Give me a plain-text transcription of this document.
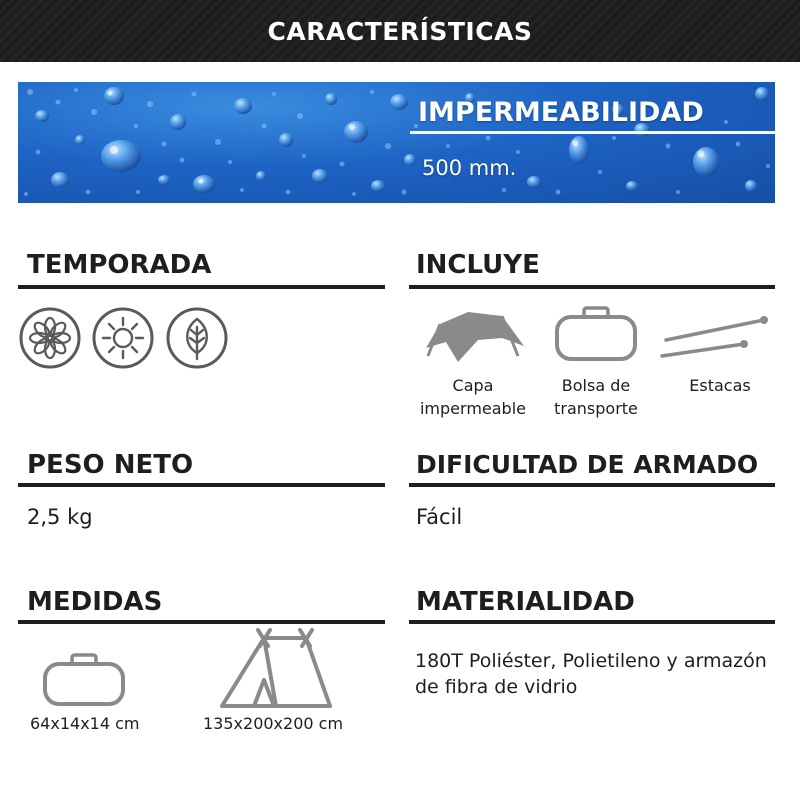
CARACTERÍSTICAS
IMPERMEABILIDAD
500 mm.
TEMPORADA	INCLUYE
Capa
impermeable
Bolsa de
transporte
Estacas
PESO NETO
2,5 kg
DIFICULTAD DE ARMADO
Fácil
MEDIDAS
64x14x14 cm	135x200x200 cm
MATERIALIDAD
180T Poliéster, Polietileno y armazón de fibra de vidrio
